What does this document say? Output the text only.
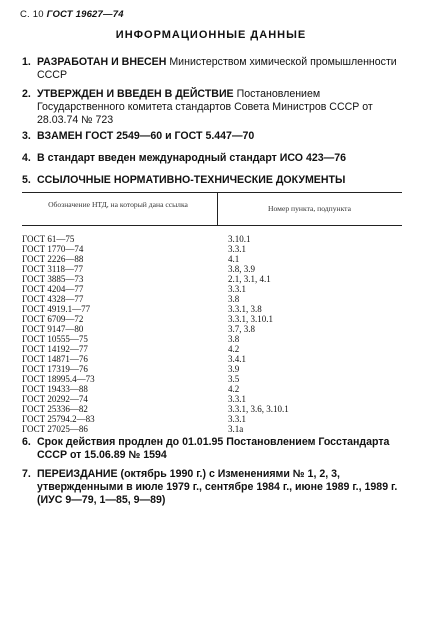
С. 10 ГОСТ 19627—74
ИНФОРМАЦИОННЫЕ ДАННЫЕ
1. РАЗРАБОТАН И ВНЕСЕН Министерством химической промышленности СССР
2. УТВЕРЖДЕН И ВВЕДЕН В ДЕЙСТВИЕ Постановлением Государственного комитета стандартов Совета Министров СССР от 28.03.74 № 723
3. ВЗАМЕН ГОСТ 2549—60 и ГОСТ 5.447—70
4. В стандарт введен международный стандарт ИСО 423—76
5. ССЫЛОЧНЫЕ НОРМАТИВНО-ТЕХНИЧЕСКИЕ ДОКУМЕНТЫ
Обозначение НТД, на который дана ссылка	Номер пункта, подпункта
ГОСТ 61—75	3.10.1
ГОСТ 1770—74	3.3.1
ГОСТ 2226—88	4.1
ГОСТ 3118—77	3.8, 3.9
ГОСТ 3885—73	2.1, 3.1, 4.1
ГОСТ 4204—77	3.3.1
ГОСТ 4328—77	3.8
ГОСТ 4919.1—77	3.3.1, 3.8
ГОСТ 6709—72	3.3.1, 3.10.1
ГОСТ 9147—80	3.7, 3.8
ГОСТ 10555—75	3.8
ГОСТ 14192—77	4.2
ГОСТ 14871—76	3.4.1
ГОСТ 17319—76	3.9
ГОСТ 18995.4—73	3.5
ГОСТ 19433—88	4.2
ГОСТ 20292—74	3.3.1
ГОСТ 25336—82	3.3.1, 3.6, 3.10.1
ГОСТ 25794.2—83	3.3.1
ГОСТ 27025—86	3.1а
6. Срок действия продлен до 01.01.95 Постановлением Госстандарта СССР от 15.06.89 № 1594
7. ПЕРЕИЗДАНИЕ (октябрь 1990 г.) с Изменениями № 1, 2, 3, утвержденными в июле 1979 г., сентябре 1984 г., июне 1989 г., 1989 г. (ИУС 9—79, 1—85, 9—89)
